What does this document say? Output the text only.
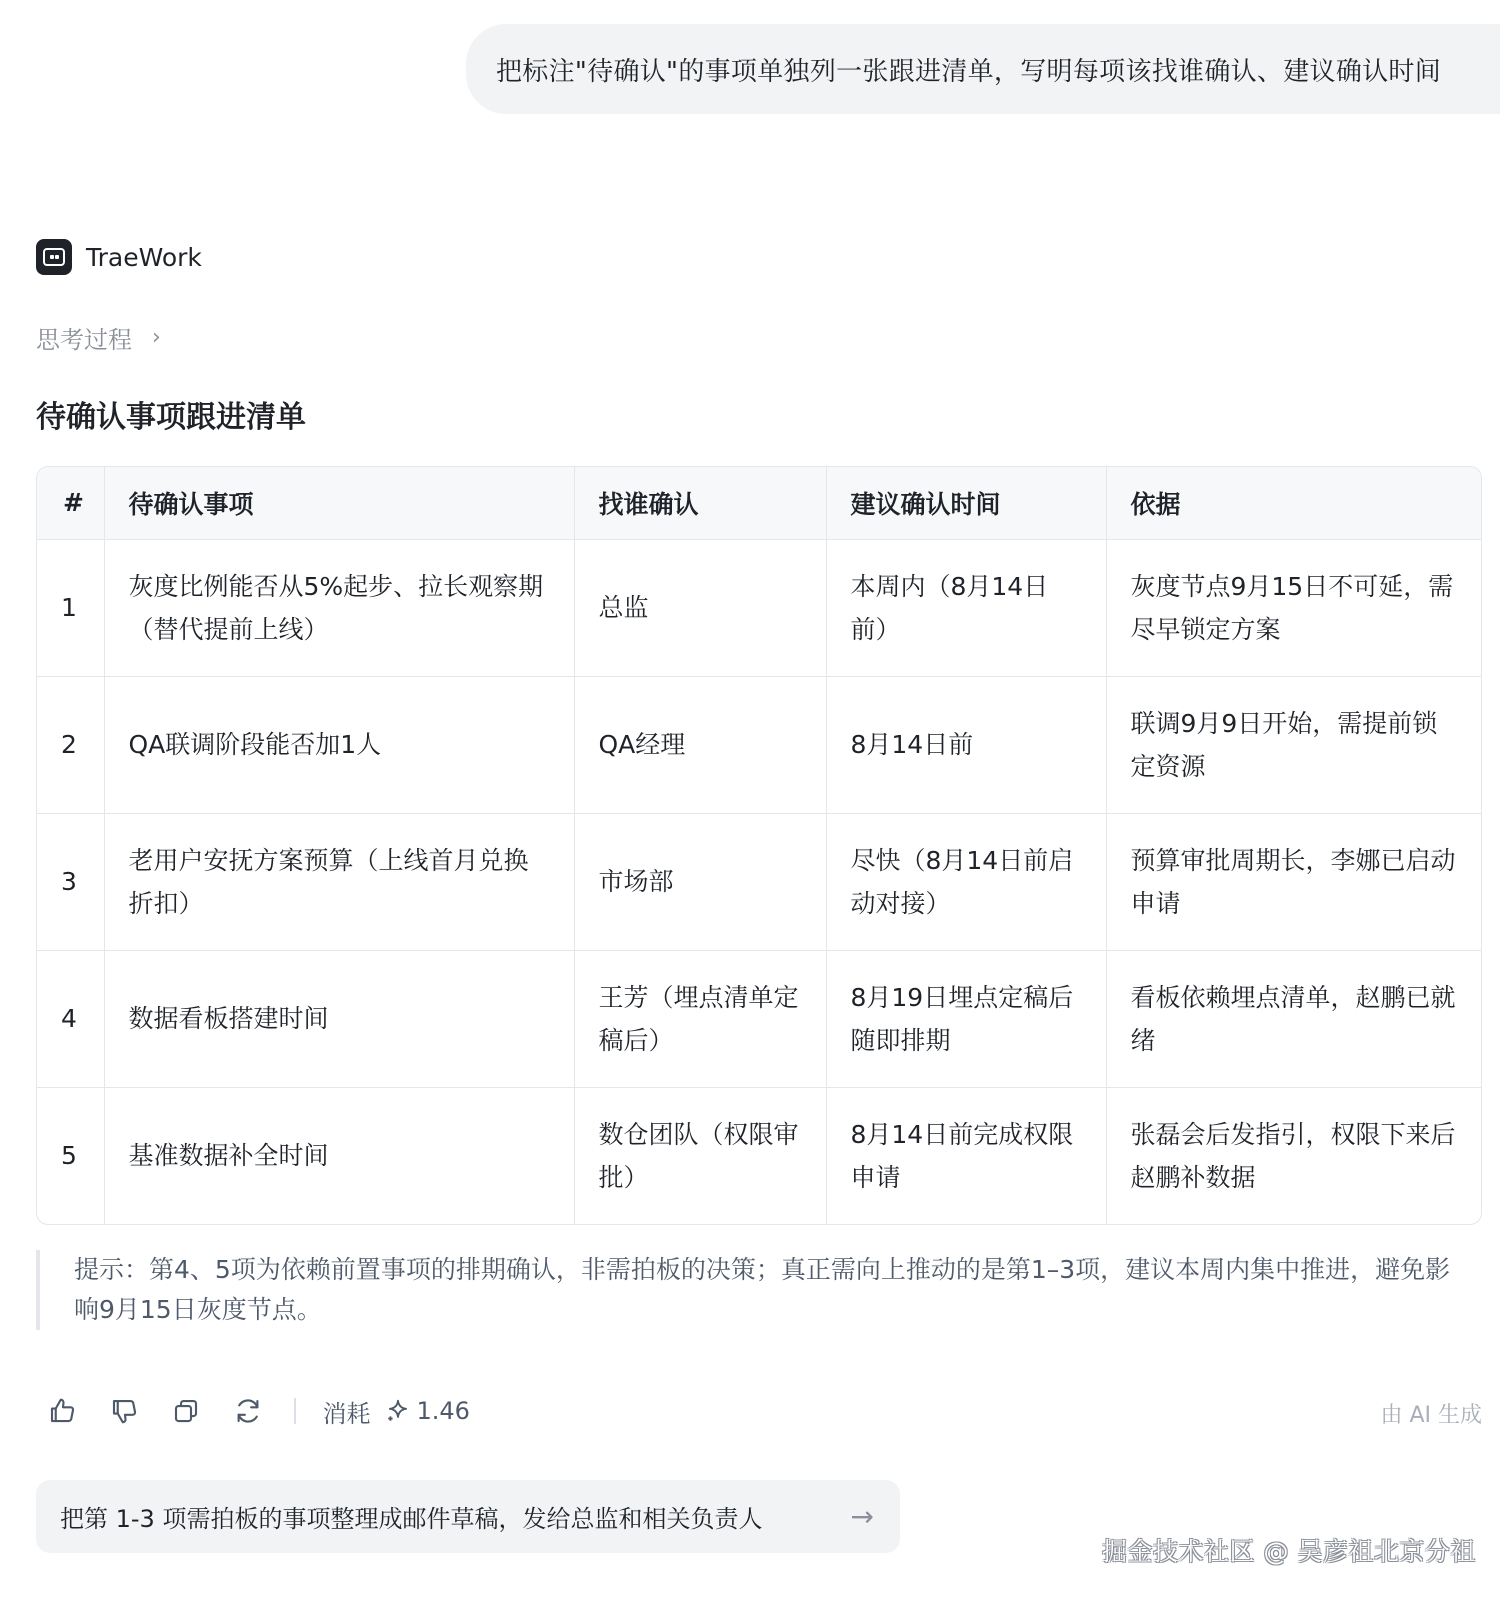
把标注"待确认"的事项单独列一张跟进清单，写明每项该找谁确认、建议确认时间
TraeWork
思考过程 ›
待确认事项跟进清单
#	待确认事项	找谁确认	建议确认时间	依据
1	灰度比例能否从5%起步、拉长观察期（替代提前上线）	总监	本周内（8月14日前）	灰度节点9月15日不可延，需尽早锁定方案
2	QA联调阶段能否加1人	QA经理	8月14日前	联调9月9日开始，需提前锁定资源
3	老用户安抚方案预算（上线首月兑换折扣）	市场部	尽快（8月14日前启动对接）	预算审批周期长，李娜已启动申请
4	数据看板搭建时间	王芳（埋点清单定稿后）	8月19日埋点定稿后随即排期	看板依赖埋点清单，赵鹏已就绪
5	基准数据补全时间	数仓团队（权限审批）	8月14日前完成权限申请	张磊会后发指引，权限下来后赵鹏补数据
提示：第4、5项为依赖前置事项的排期确认，非需拍板的决策；真正需向上推动的是第1–3项，建议本周内集中推进，避免影响9月15日灰度节点。
消耗 1.46	由 AI 生成
把第 1-3 项需拍板的事项整理成邮件草稿，发给总监和相关负责人	→
掘金技术社区 @ 吴彦祖北京分祖
